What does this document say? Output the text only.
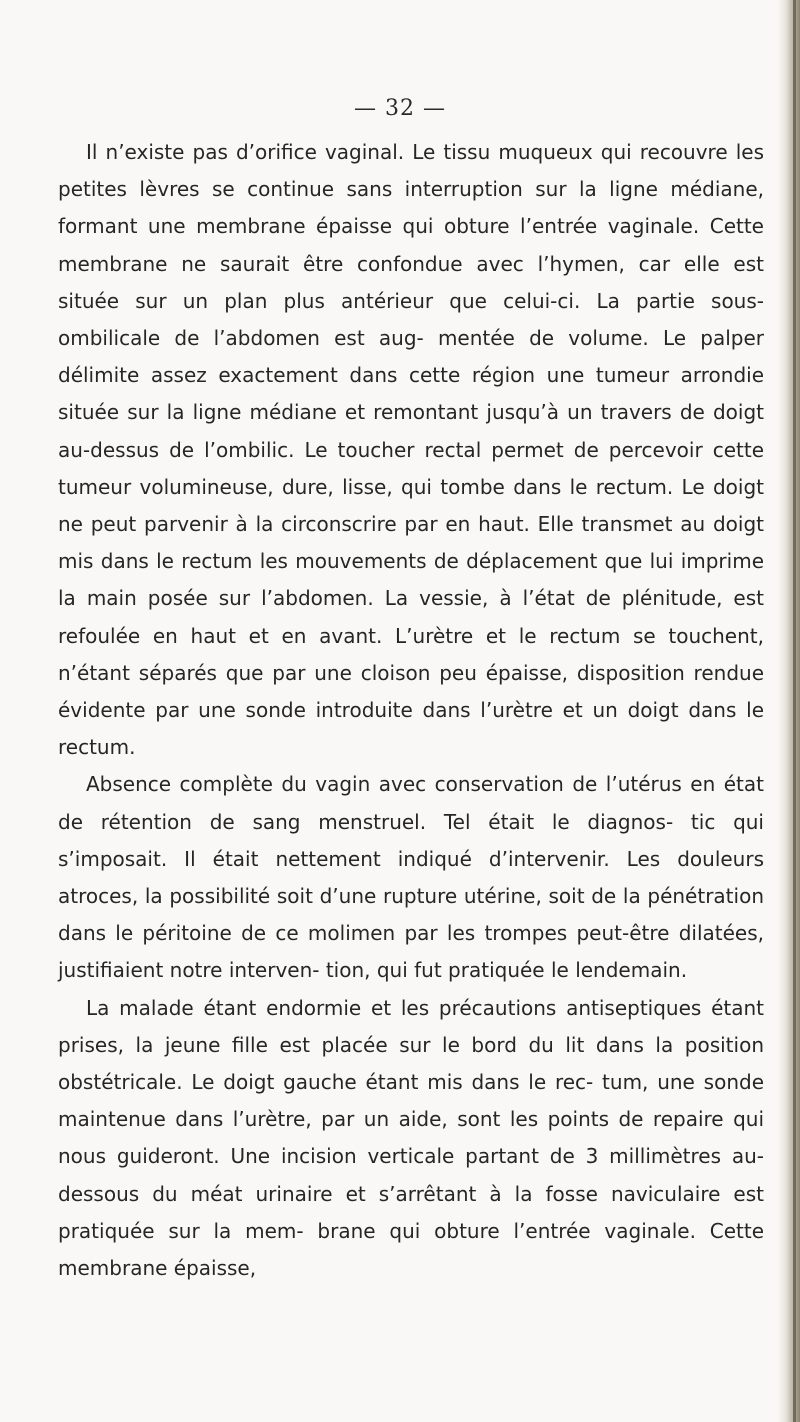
— 32 —

Il n’existe pas d’orifice vaginal. Le tissu muqueux qui recouvre les petites lèvres se continue sans interruption sur la ligne médiane, formant une membrane épaisse qui obture l’entrée vaginale. Cette membrane ne saurait être confondue avec l’hymen, car elle est située sur un plan plus antérieur que celui-ci. La partie sous-ombilicale de l’abdomen est aug- mentée de volume. Le palper délimite assez exactement dans cette région une tumeur arrondie située sur la ligne médiane et remontant jusqu’à un travers de doigt au-dessus de l’ombilic. Le toucher rectal permet de percevoir cette tumeur volumineuse, dure, lisse, qui tombe dans le rectum. Le doigt ne peut parvenir à la circonscrire par en haut. Elle transmet au doigt mis dans le rectum les mouvements de déplacement que lui imprime la main posée sur l’abdomen. La vessie, à l’état de plénitude, est refoulée en haut et en avant. L’urètre et le rectum se touchent, n’étant séparés que par une cloison peu épaisse, disposition rendue évidente par une sonde introduite dans l’urètre et un doigt dans le rectum.

Absence complète du vagin avec conservation de l’utérus en état de rétention de sang menstruel. Tel était le diagnos- tic qui s’imposait. Il était nettement indiqué d’intervenir. Les douleurs atroces, la possibilité soit d’une rupture utérine, soit de la pénétration dans le péritoine de ce molimen par les trompes peut-être dilatées, justifiaient notre interven- tion, qui fut pratiquée le lendemain.

La malade étant endormie et les précautions antiseptiques étant prises, la jeune fille est placée sur le bord du lit dans la position obstétricale. Le doigt gauche étant mis dans le rec- tum, une sonde maintenue dans l’urètre, par un aide, sont les points de repaire qui nous guideront. Une incision verticale partant de 3 millimètres au-dessous du méat urinaire et s’arrêtant à la fosse naviculaire est pratiquée sur la mem- brane qui obture l’entrée vaginale. Cette membrane épaisse,
